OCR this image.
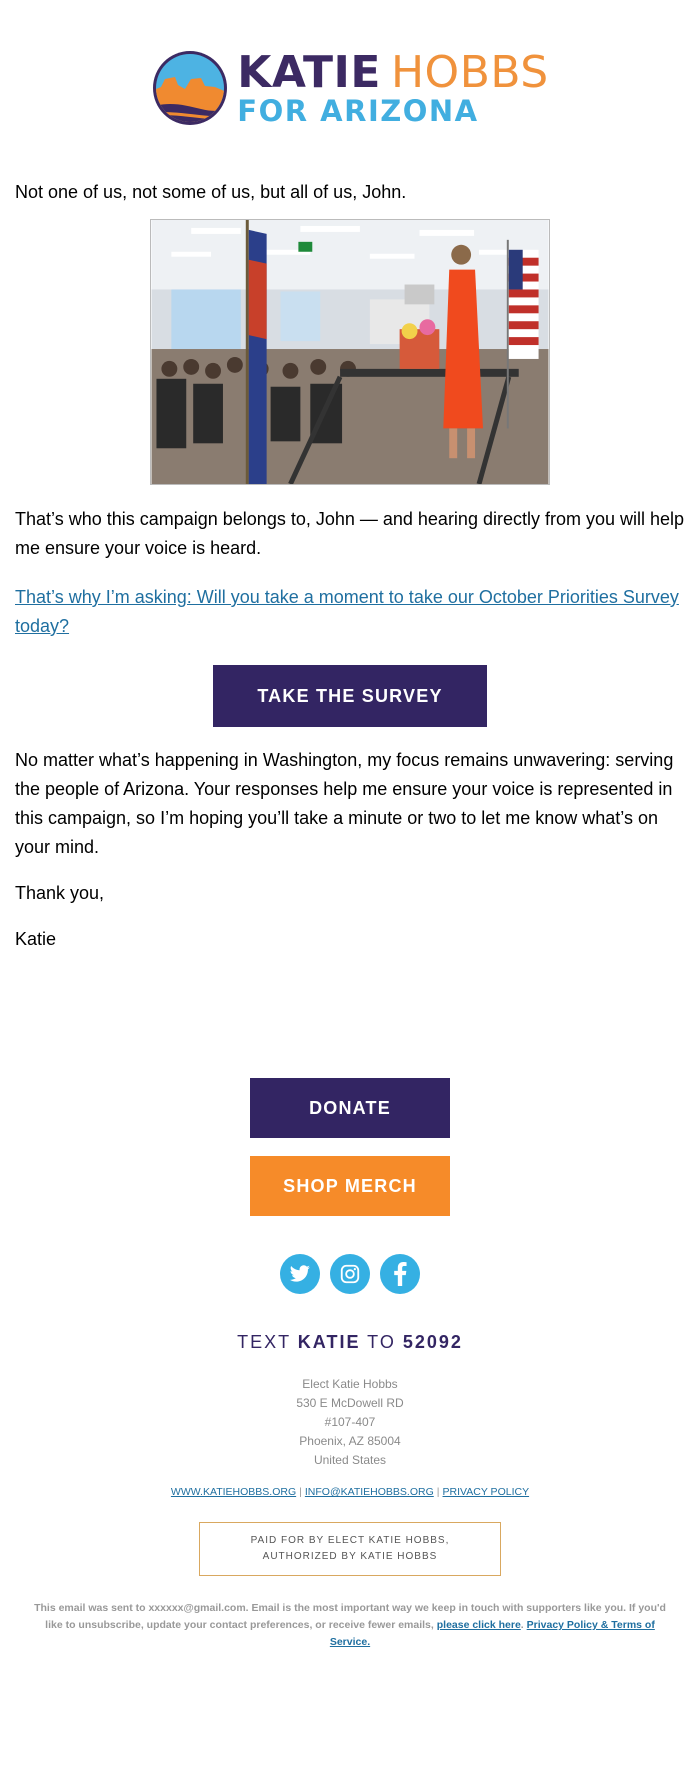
KATIE HOBBS
FOR ARIZONA

Not one of us, not some of us, but all of us, John.

That’s who this campaign belongs to, John — and hearing directly from you will help me ensure your voice is heard.

That’s why I’m asking: Will you take a moment to take our October Priorities Survey today?

TAKE THE SURVEY

No matter what’s happening in Washington, my focus remains unwavering: serving the people of Arizona. Your responses help me ensure your voice is represented in this campaign, so I’m hoping you’ll take a minute or two to let me know what’s on your mind.

Thank you,

Katie

DONATE
SHOP MERCH
TEXT KATIE TO 52092
Elect Katie Hobbs
530 E McDowell RD
#107-407
Phoenix, AZ 85004
United States
WWW.KATIEHOBBS.ORG | INFO@KATIEHOBBS.ORG | PRIVACY POLICY
PAID FOR BY ELECT KATIE HOBBS,
AUTHORIZED BY KATIE HOBBS

This email was sent to xxxxxx@gmail.com. Email is the most important way we keep in touch with supporters like you. If you'd like to unsubscribe, update your contact preferences, or receive fewer emails, please click here. Privacy Policy & Terms of Service.
